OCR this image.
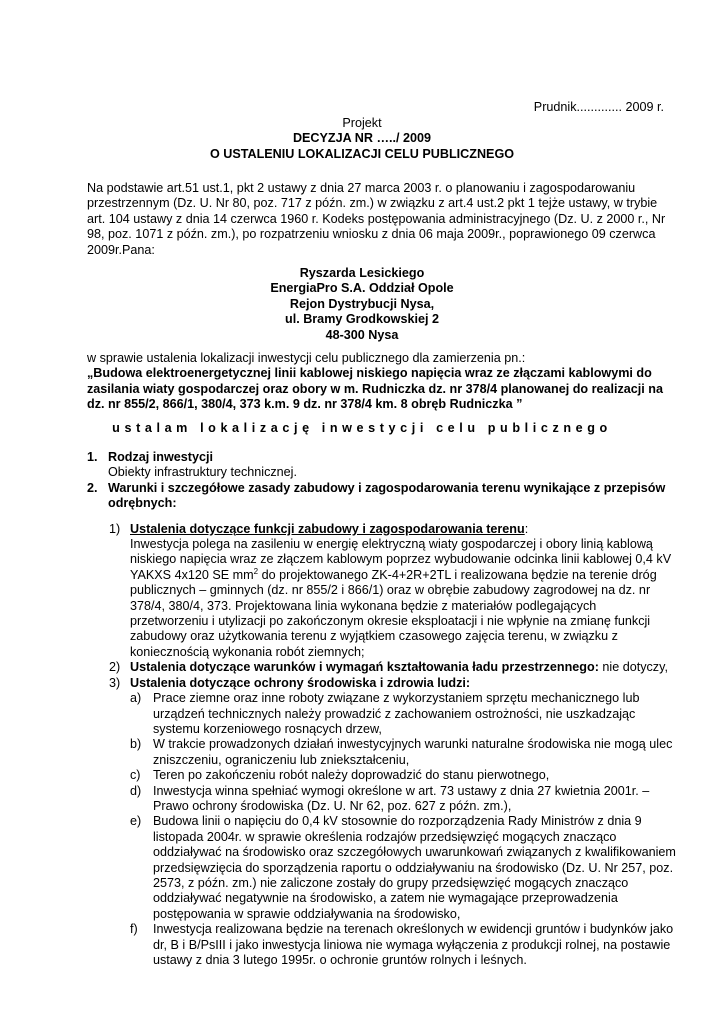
Prudnik............. 2009 r.
Projekt
DECYZJA NR …../ 2009
O USTALENIU LOKALIZACJI CELU PUBLICZNEGO
Na podstawie art.51 ust.1, pkt 2 ustawy z dnia 27 marca 2003 r. o planowaniu i zagospodarowaniu
przestrzennym (Dz. U. Nr 80, poz. 717 z późn. zm.) w związku z art.4 ust.2 pkt 1 tejże ustawy, w trybie
art. 104 ustawy z dnia 14 czerwca 1960 r. Kodeks postępowania administracyjnego (Dz. U. z 2000 r., Nr
98, poz. 1071 z późn. zm.), po rozpatrzeniu wniosku z dnia 06 maja 2009r., poprawionego 09 czerwca
2009r.Pana:
Ryszarda Lesickiego
EnergiaPro S.A. Oddział Opole
Rejon Dystrybucji Nysa,
ul. Bramy Grodkowskiej 2
48-300 Nysa
w sprawie ustalenia lokalizacji inwestycji celu publicznego dla zamierzenia pn.:
„Budowa elektroenergetycznej linii kablowej niskiego napięcia wraz ze złączami kablowymi do
zasilania wiaty gospodarczej oraz obory w m. Rudniczka dz. nr 378/4 planowanej do realizacji na
dz. nr 855/2, 866/1, 380/4, 373 k.m. 9 dz. nr 378/4 km. 8 obręb Rudniczka ”
ustalam lokalizację inwestycji celu publicznego
1. Rodzaj inwestycji
Obiekty infrastruktury technicznej.
2. Warunki i szczegółowe zasady zabudowy i zagospodarowania terenu wynikające z przepisów
odrębnych:
1) Ustalenia dotyczące funkcji zabudowy i zagospodarowania terenu:
Inwestycja polega na zasileniu w energię elektryczną wiaty gospodarczej i obory linią kablową
niskiego napięcia wraz ze złączem kablowym poprzez wybudowanie odcinka linii kablowej 0,4 kV
YAKXS 4x120 SE $mm^2$ do projektowanego ZK-4+2R+2TL i realizowana będzie na terenie dróg
publicznych – gminnych (dz. nr 855/2 i 866/1) oraz w obrębie zabudowy zagrodowej na dz. nr
378/4, 380/4, 373. Projektowana linia wykonana będzie z materiałów podlegających
przetworzeniu i utylizacji po zakończonym okresie eksploatacji i nie wpłynie na zmianę funkcji
zabudowy oraz użytkowania terenu z wyjątkiem czasowego zajęcia terenu, w związku z
koniecznością wykonania robót ziemnych;
2) Ustalenia dotyczące warunków i wymagań kształtowania ładu przestrzennego: nie dotyczy,
3) Ustalenia dotyczące ochrony środowiska i zdrowia ludzi:
a) Prace ziemne oraz inne roboty związane z wykorzystaniem sprzętu mechanicznego lub
urządzeń technicznych należy prowadzić z zachowaniem ostrożności, nie uszkadzając
systemu korzeniowego rosnących drzew,
b) W trakcie prowadzonych działań inwestycyjnych warunki naturalne środowiska nie mogą ulec
zniszczeniu, ograniczeniu lub zniekształceniu,
c) Teren po zakończeniu robót należy doprowadzić do stanu pierwotnego,
d) Inwestycja winna spełniać wymogi określone w art. 73 ustawy z dnia 27 kwietnia 2001r. –
Prawo ochrony środowiska (Dz. U. Nr 62, poz. 627 z późn. zm.),
e) Budowa linii o napięciu do 0,4 kV stosownie do rozporządzenia Rady Ministrów z dnia 9
listopada 2004r. w sprawie określenia rodzajów przedsięwzięć mogących znacząco
oddziaływać na środowisko oraz szczegółowych uwarunkowań związanych z kwalifikowaniem
przedsięwzięcia do sporządzenia raportu o oddziaływaniu na środowisko (Dz. U. Nr 257, poz.
2573, z późn. zm.) nie zaliczone zostały do grupy przedsięwzięć mogących znacząco
oddziaływać negatywnie na środowisko, a zatem nie wymagające przeprowadzenia
postępowania w sprawie oddziaływania na środowisko,
f) Inwestycja realizowana będzie na terenach określonych w ewidencji gruntów i budynków jako
dr, B i B/PsIII i jako inwestycja liniowa nie wymaga wyłączenia z produkcji rolnej, na postawie
ustawy z dnia 3 lutego 1995r. o ochronie gruntów rolnych i leśnych.
